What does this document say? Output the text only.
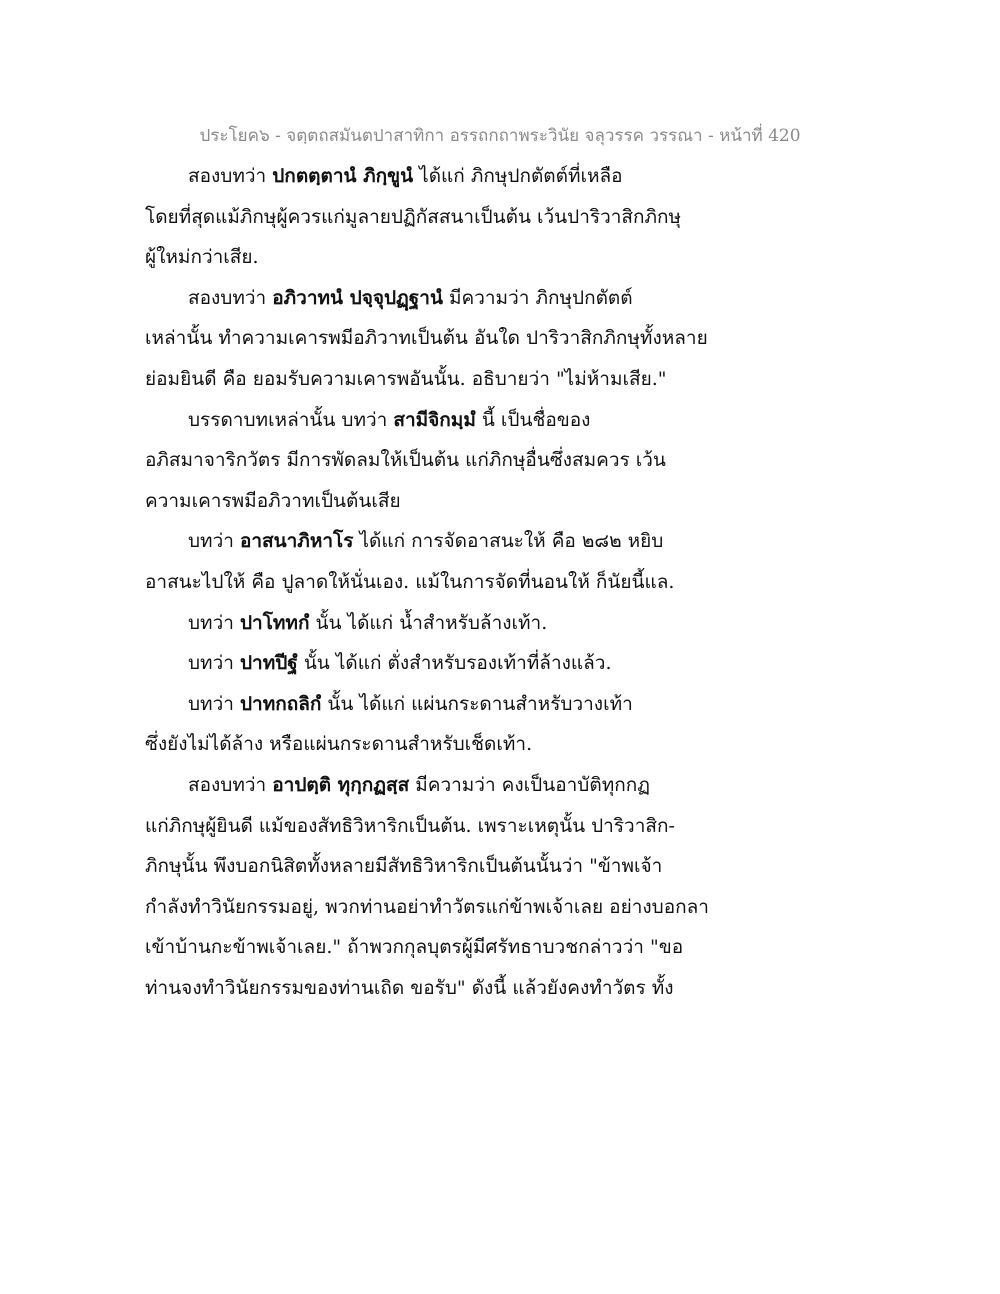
ประโยค๖ - จตฺตถสมันตปาสาทิกา อรรถกถาพระวินัย จลุวรรค วรรณา - หน้าที่ 420
สองบทว่า ปกตตฺตานํ ภิกฺขูนํ ได้แก่ ภิกษุปกตัตต์ที่เหลือ
โดยที่สุดแม้ภิกษุผู้ควรแก่มูลายปฏิกัสสนาเป็นต้น เว้นปาริวาสิกภิกษุ
ผู้ใหม่กว่าเสีย.
สองบทว่า อภิวาทนํ ปจฺจุปฏฺฐานํ มีความว่า ภิกษุปกตัตต์
เหล่านั้น ทำความเคารพมีอภิวาทเป็นต้น อันใด ปาริวาสิกภิกษุทั้งหลาย
ย่อมยินดี คือ ยอมรับความเคารพอันนั้น. อธิบายว่า "ไม่ห้ามเสีย."
บรรดาบทเหล่านั้น บทว่า สามีจิกมฺมํ นี้ เป็นชื่อของ
อภิสมาจาริกวัตร มีการพัดลมให้เป็นต้น แก่ภิกษุอื่นซึ่งสมควร เว้น
ความเคารพมีอภิวาทเป็นต้นเสีย
บทว่า อาสนาภิหาโร ได้แก่ การจัดอาสนะให้ คือ ๒๘๒ หยิบ
อาสนะไปให้ คือ ปูลาดให้นั่นเอง. แม้ในการจัดที่นอนให้ ก็นัยนี้แล.
บทว่า ปาโททกํ นั้น ได้แก่ น้ำสำหรับล้างเท้า.
บทว่า ปาทปีฐํ นั้น ได้แก่ ตั่งสำหรับรองเท้าที่ล้างแล้ว.
บทว่า ปาทกถลิกํ นั้น ได้แก่ แผ่นกระดานสำหรับวางเท้า
ซึ่งยังไม่ได้ล้าง หรือแผ่นกระดานสำหรับเช็ดเท้า.
สองบทว่า อาปตฺติ ทุกฺกฏสฺส มีความว่า คงเป็นอาบัติทุกกฏ
แก่ภิกษุผู้ยินดี แม้ของสัทธิวิหาริกเป็นต้น. เพราะเหตุนั้น ปาริวาสิก-
ภิกษุนั้น พึงบอกนิสิตทั้งหลายมีสัทธิวิหาริกเป็นต้นนั้นว่า "ข้าพเจ้า
กำลังทำวินัยกรรมอยู่, พวกท่านอย่าทำวัตรแก่ข้าพเจ้าเลย อย่างบอกลา
เข้าบ้านกะข้าพเจ้าเลย." ถ้าพวกกุลบุตรผู้มีศรัทธาบวชกล่าวว่า "ขอ
ท่านจงทำวินัยกรรมของท่านเถิด ขอรับ" ดังนี้ แล้วยังคงทำวัตร ทั้ง
